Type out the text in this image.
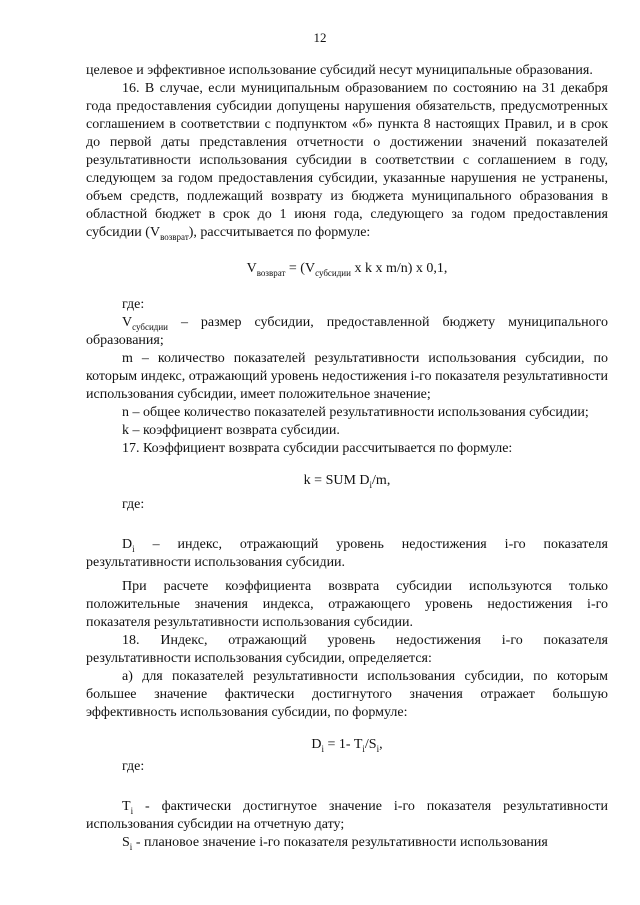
12

целевое и эффективное использование субсидий несут муниципальные образования.

16. В случае, если муниципальным образованием по состоянию на 31 декабря года предоставления субсидии допущены нарушения обязательств, предусмотренных соглашением в соответствии с подпунктом «б» пункта 8 настоящих Правил, и в срок до первой даты представления отчетности о достижении значений показателей результативности использования субсидии в соответствии с соглашением в году, следующем за годом предоставления субсидии, указанные нарушения не устранены, объем средств, подлежащий возврату из бюджета муниципального образования в областной бюджет в срок до 1 июня года, следующего за годом предоставления субсидии $(V_{возврат})$, рассчитывается по формуле:

$V_{возврат} = (V_{субсидии}$ x k x m/n) x 0,1,

где:

$V_{субсидии}$ – размер субсидии, предоставленной бюджету муниципального образования;

m – количество показателей результативности использования субсидии, по которым индекс, отражающий уровень недостижения i-го показателя результативности использования субсидии, имеет положительное значение;

n – общее количество показателей результативности использования субсидии;

k – коэффициент возврата субсидии.

17. Коэффициент возврата субсидии рассчитывается по формуле:

k = SUM $D_i/m$,

где:

$D_i$ – индекс, отражающий уровень недостижения i-го показателя результативности использования субсидии.

При расчете коэффициента возврата субсидии используются только положительные значения индекса, отражающего уровень недостижения i-го показателя результативности использования субсидии.

18. Индекс, отражающий уровень недостижения i-го показателя результативности использования субсидии, определяется:

а) для показателей результативности использования субсидии, по которым большее значение фактически достигнутого значения отражает большую эффективность использования субсидии, по формуле:

$D_i = 1-$ $T_i/S_i$,

где:

$T_i$ - фактически достигнутое значение i-го показателя результативности использования субсидии на отчетную дату;

$S_i$ - плановое значение i-го показателя результативности использования
